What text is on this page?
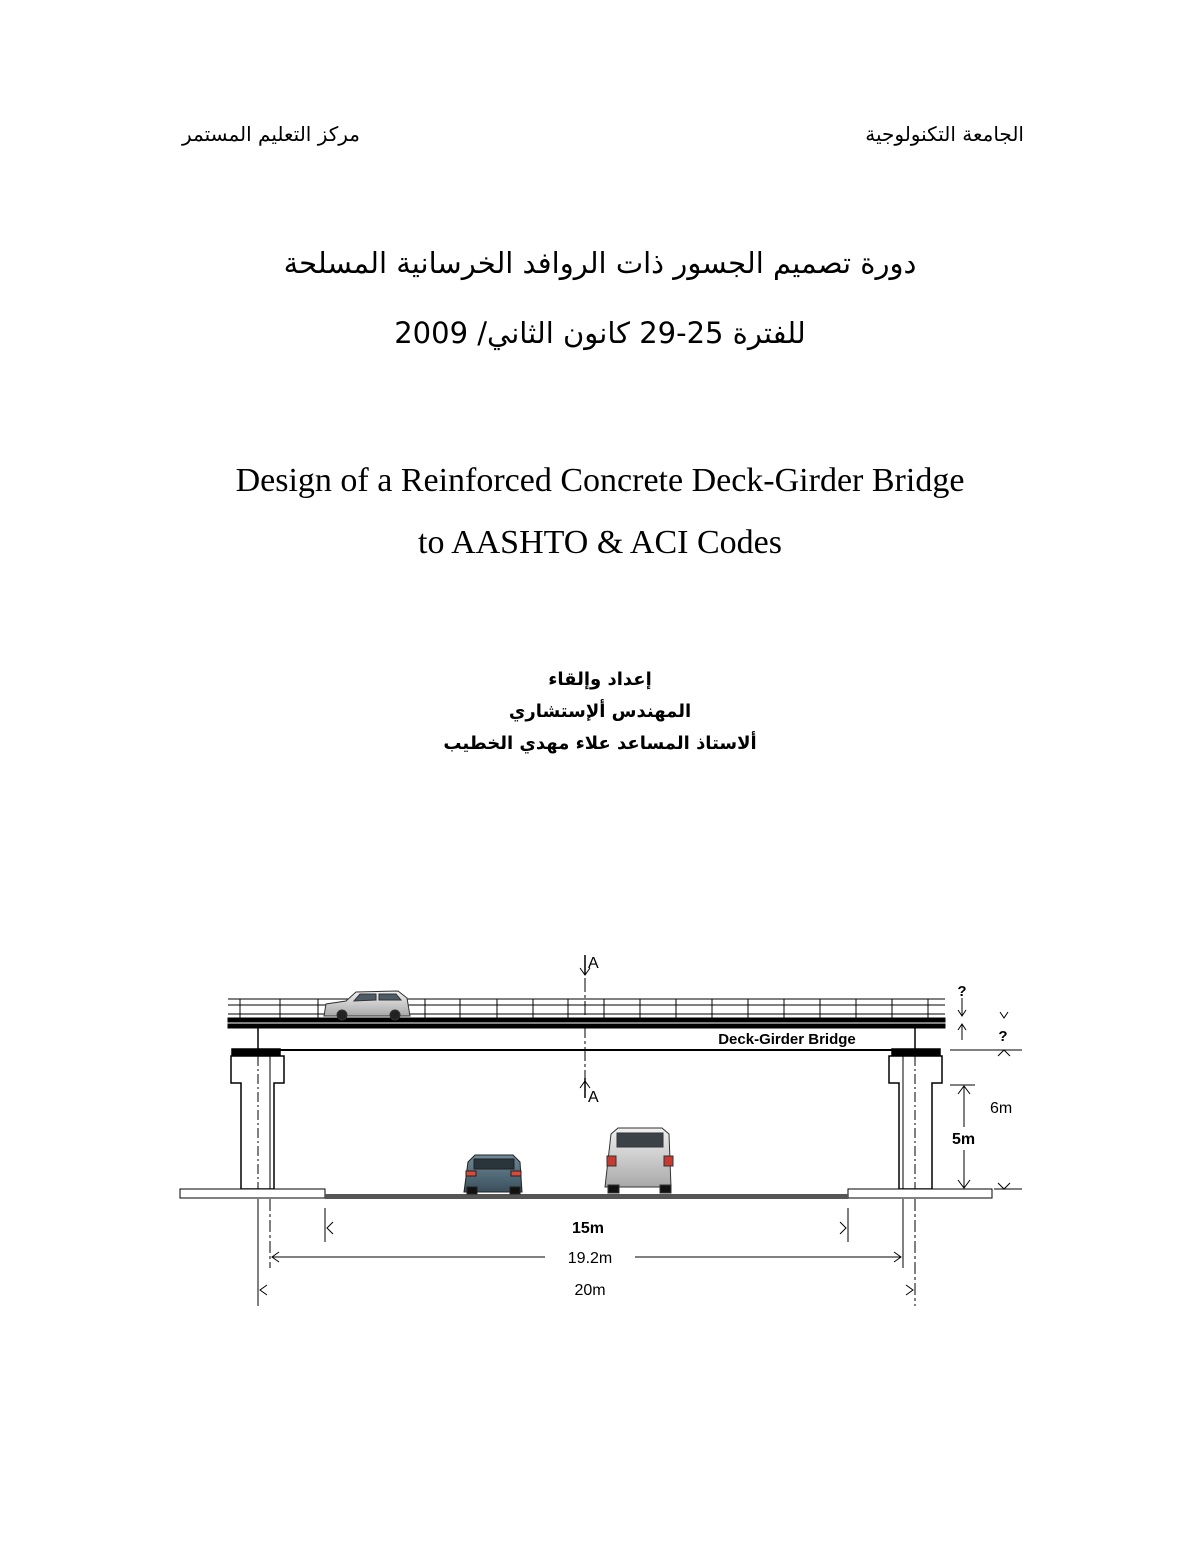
الجامعة التكنولوجية
مركز التعليم المستمر
دورة تصميم الجسور ذات الروافد الخرسانية المسلحة
للفترة 25-29 كانون الثاني/ 2009
Design of a Reinforced Concrete Deck-Girder Bridge
to AASHTO & ACI Codes
إعداد وإلقاء
المهندس ألإستشاري
ألاستاذ المساعد علاء مهدي الخطيب
Deck-Girder Bridge
A
A
?
?
6m
5m
15m
19.2m
20m
